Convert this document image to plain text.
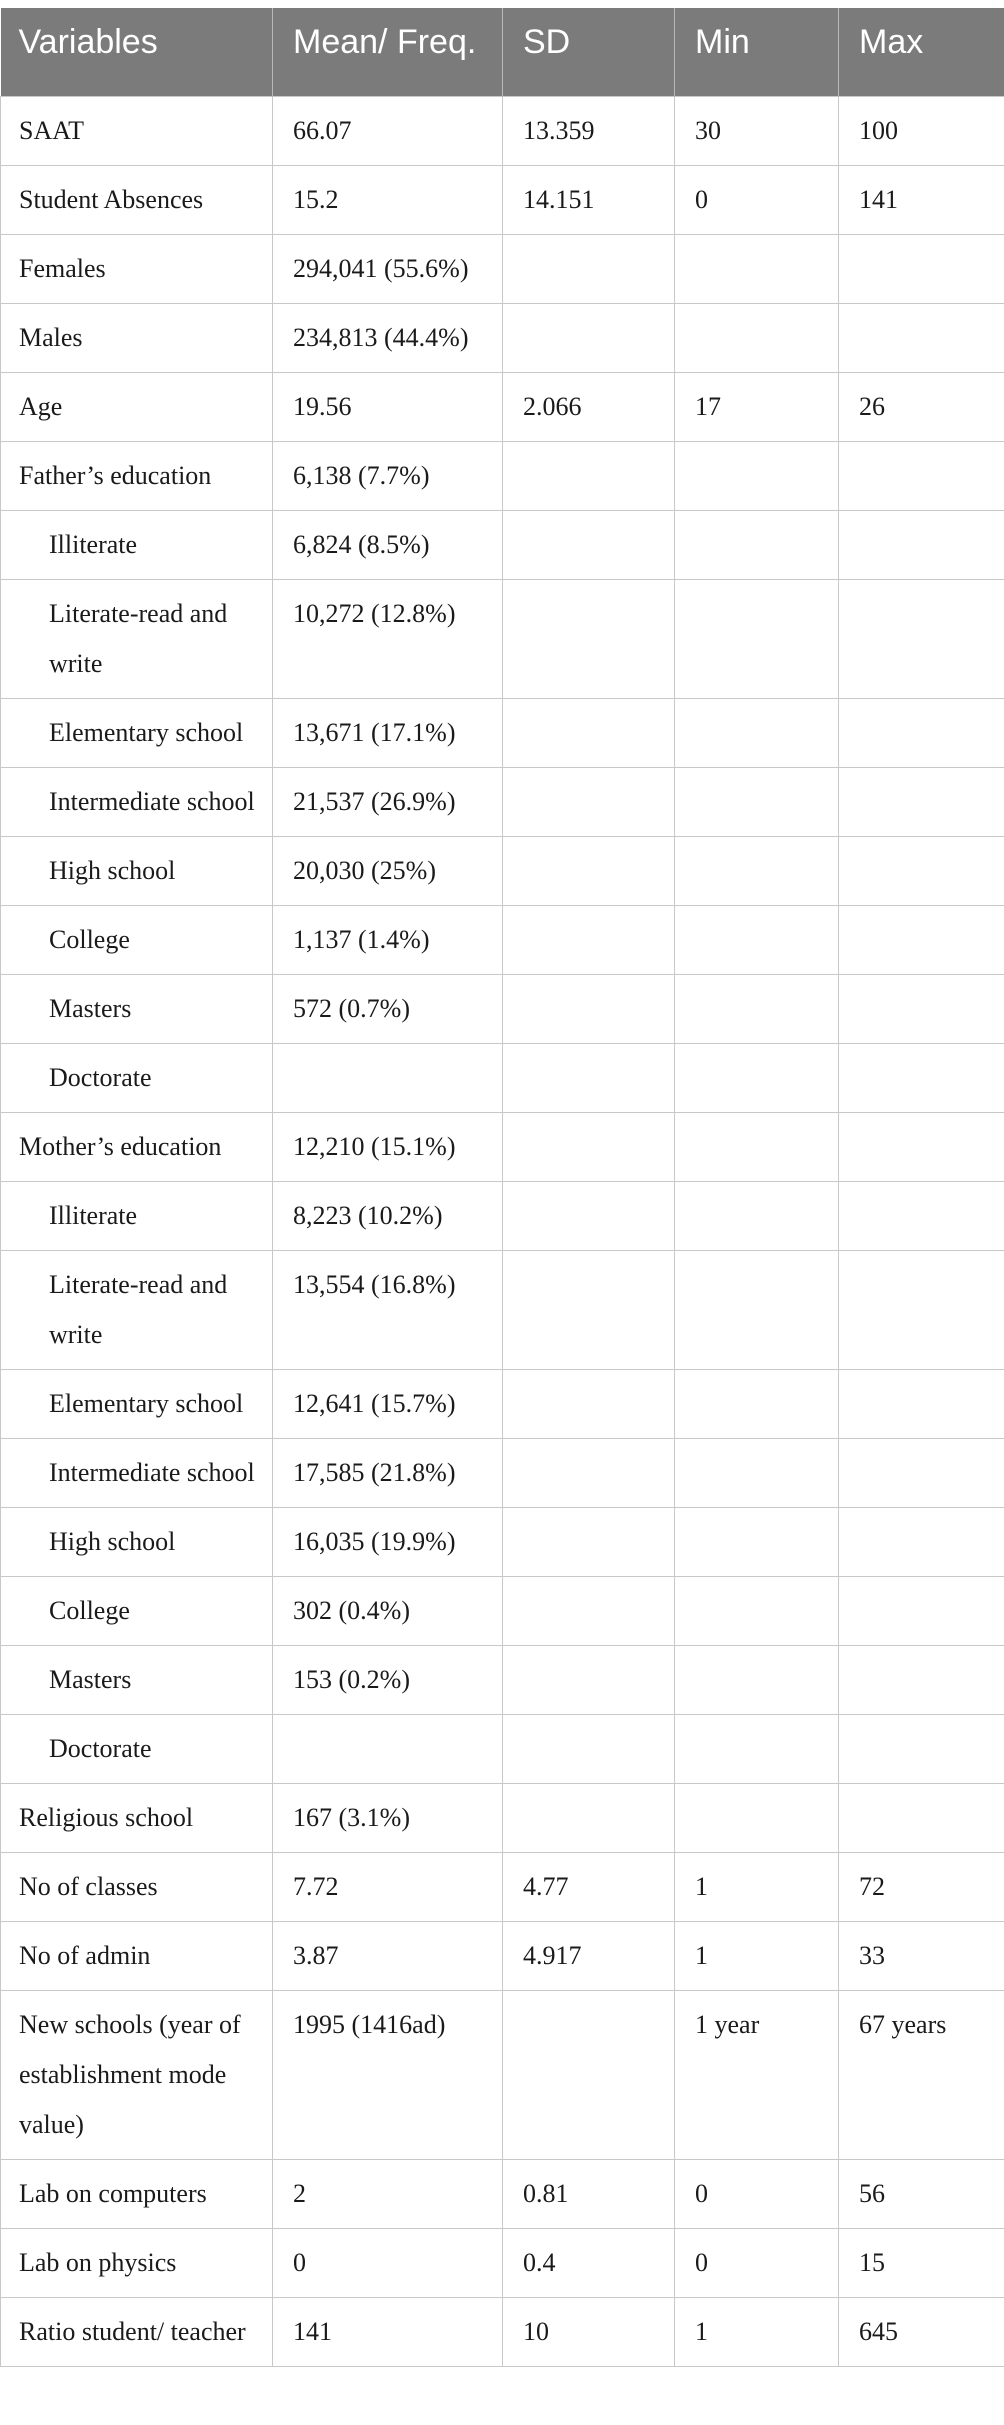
Variables	Mean/ Freq.	SD	Min	Max
SAAT	66.07	13.359	30	100
Student Absences	15.2	14.151	0	141
Females	294,041 (55.6%)			
Males	234,813 (44.4%)			
Age	19.56	2.066	17	26
Father’s education	6,138 (7.7%)			
Illiterate	6,824 (8.5%)			
Literate-read and write	10,272 (12.8%)			
Elementary school	13,671 (17.1%)			
Intermediate school	21,537 (26.9%)			
High school	20,030 (25%)			
College	1,137 (1.4%)			
Masters	572 (0.7%)			
Doctorate				
Mother’s education	12,210 (15.1%)			
Illiterate	8,223 (10.2%)			
Literate-read and write	13,554 (16.8%)			
Elementary school	12,641 (15.7%)			
Intermediate school	17,585 (21.8%)			
High school	16,035 (19.9%)			
College	302 (0.4%)			
Masters	153 (0.2%)			
Doctorate				
Religious school	167 (3.1%)			
No of classes	7.72	4.77	1	72
No of admin	3.87	4.917	1	33
New schools (year of establishment mode value)	1995 (1416ad)		1 year	67 years
Lab on computers	2	0.81	0	56
Lab on physics	0	0.4	0	15
Ratio student/ teacher	141	10	1	645
